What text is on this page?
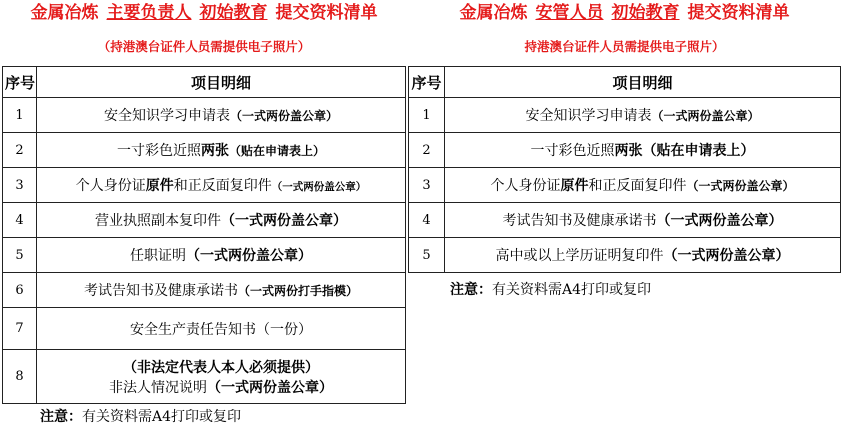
金属冶炼 主要负责人 初始教育 提交资料清单
（持港澳台证件人员需提供电子照片）
序号	项目明细
1	安全知识学习申请表（一式两份盖公章）
2	一寸彩色近照两张（贴在申请表上）
3	个人身份证原件和正反面复印件（一式两份盖公章）
4	营业执照副本复印件（一式两份盖公章）
5	任职证明（一式两份盖公章）
6	考试告知书及健康承诺书（一式两份打手指模）
7	安全生产责任告知书（一份）
8	（非法定代表人本人必须提供）
非法人情况说明（一式两份盖公章）
注意：有关资料需A4打印或复印
金属冶炼 安管人员 初始教育 提交资料清单
持港澳台证件人员需提供电子照片）
序号	项目明细
1	安全知识学习申请表（一式两份盖公章）
2	一寸彩色近照两张（贴在申请表上）
3	个人身份证原件和正反面复印件（一式两份盖公章）
4	考试告知书及健康承诺书（一式两份盖公章）
5	高中或以上学历证明复印件（一式两份盖公章）
注意：有关资料需A4打印或复印
